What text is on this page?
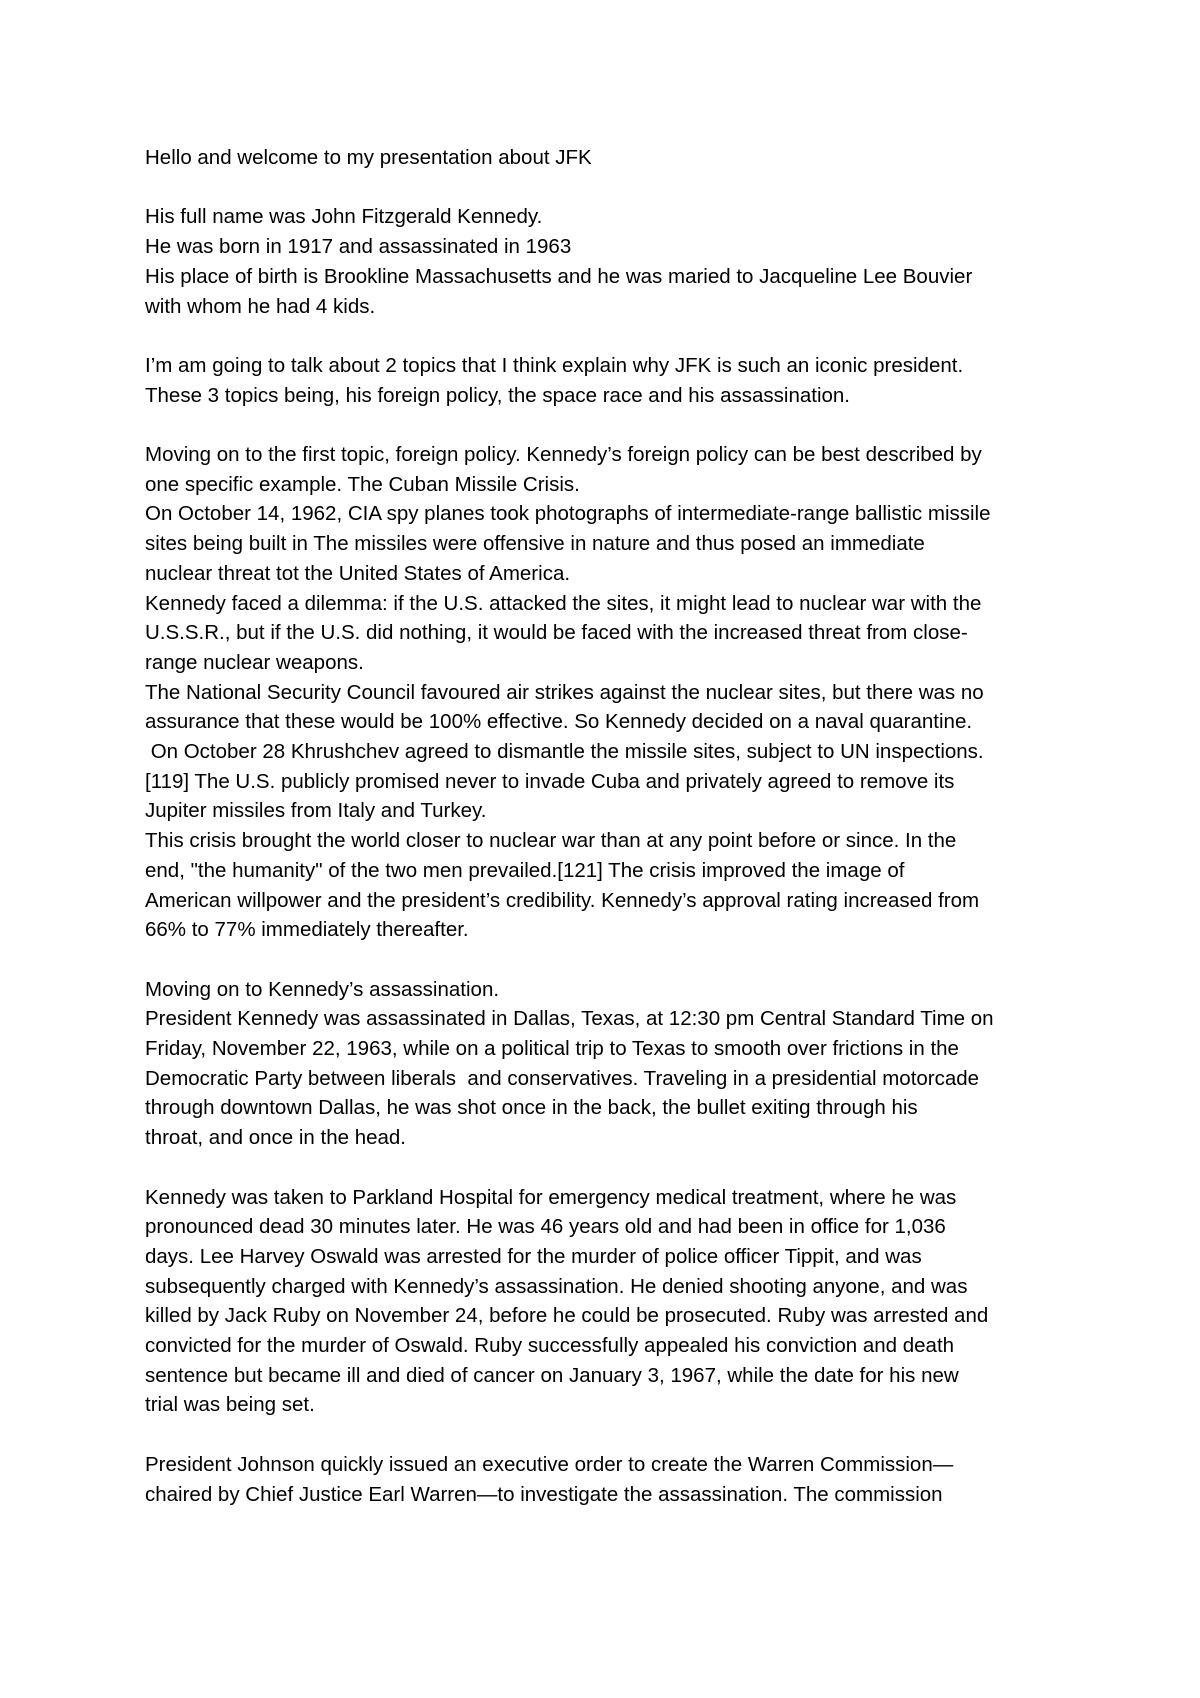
Hello and welcome to my presentation about JFK
His full name was John Fitzgerald Kennedy.
He was born in 1917 and assassinated in 1963
His place of birth is Brookline Massachusetts and he was maried to Jacqueline Lee Bouvier
with whom he had 4 kids.
I’m am going to talk about 2 topics that I think explain why JFK is such an iconic president.
These 3 topics being, his foreign policy, the space race and his assassination.
Moving on to the first topic, foreign policy. Kennedy’s foreign policy can be best described by
one specific example. The Cuban Missile Crisis.
On October 14, 1962, CIA spy planes took photographs of intermediate-range ballistic missile
sites being built in The missiles were offensive in nature and thus posed an immediate
nuclear threat tot the United States of America.
Kennedy faced a dilemma: if the U.S. attacked the sites, it might lead to nuclear war with the
U.S.S.R., but if the U.S. did nothing, it would be faced with the increased threat from close-
range nuclear weapons.
The National Security Council favoured air strikes against the nuclear sites, but there was no
assurance that these would be 100% effective. So Kennedy decided on a naval quarantine.
On October 28 Khrushchev agreed to dismantle the missile sites, subject to UN inspections.
[119] The U.S. publicly promised never to invade Cuba and privately agreed to remove its
Jupiter missiles from Italy and Turkey.
This crisis brought the world closer to nuclear war than at any point before or since. In the
end, "the humanity" of the two men prevailed.[121] The crisis improved the image of
American willpower and the president’s credibility. Kennedy’s approval rating increased from
66% to 77% immediately thereafter.
Moving on to Kennedy’s assassination.
President Kennedy was assassinated in Dallas, Texas, at 12:30 pm Central Standard Time on
Friday, November 22, 1963, while on a political trip to Texas to smooth over frictions in the
Democratic Party between liberals  and conservatives. Traveling in a presidential motorcade
through downtown Dallas, he was shot once in the back, the bullet exiting through his
throat, and once in the head.
Kennedy was taken to Parkland Hospital for emergency medical treatment, where he was
pronounced dead 30 minutes later. He was 46 years old and had been in office for 1,036
days. Lee Harvey Oswald was arrested for the murder of police officer Tippit, and was
subsequently charged with Kennedy’s assassination. He denied shooting anyone, and was
killed by Jack Ruby on November 24, before he could be prosecuted. Ruby was arrested and
convicted for the murder of Oswald. Ruby successfully appealed his conviction and death
sentence but became ill and died of cancer on January 3, 1967, while the date for his new
trial was being set.
President Johnson quickly issued an executive order to create the Warren Commission—
chaired by Chief Justice Earl Warren—to investigate the assassination. The commission
